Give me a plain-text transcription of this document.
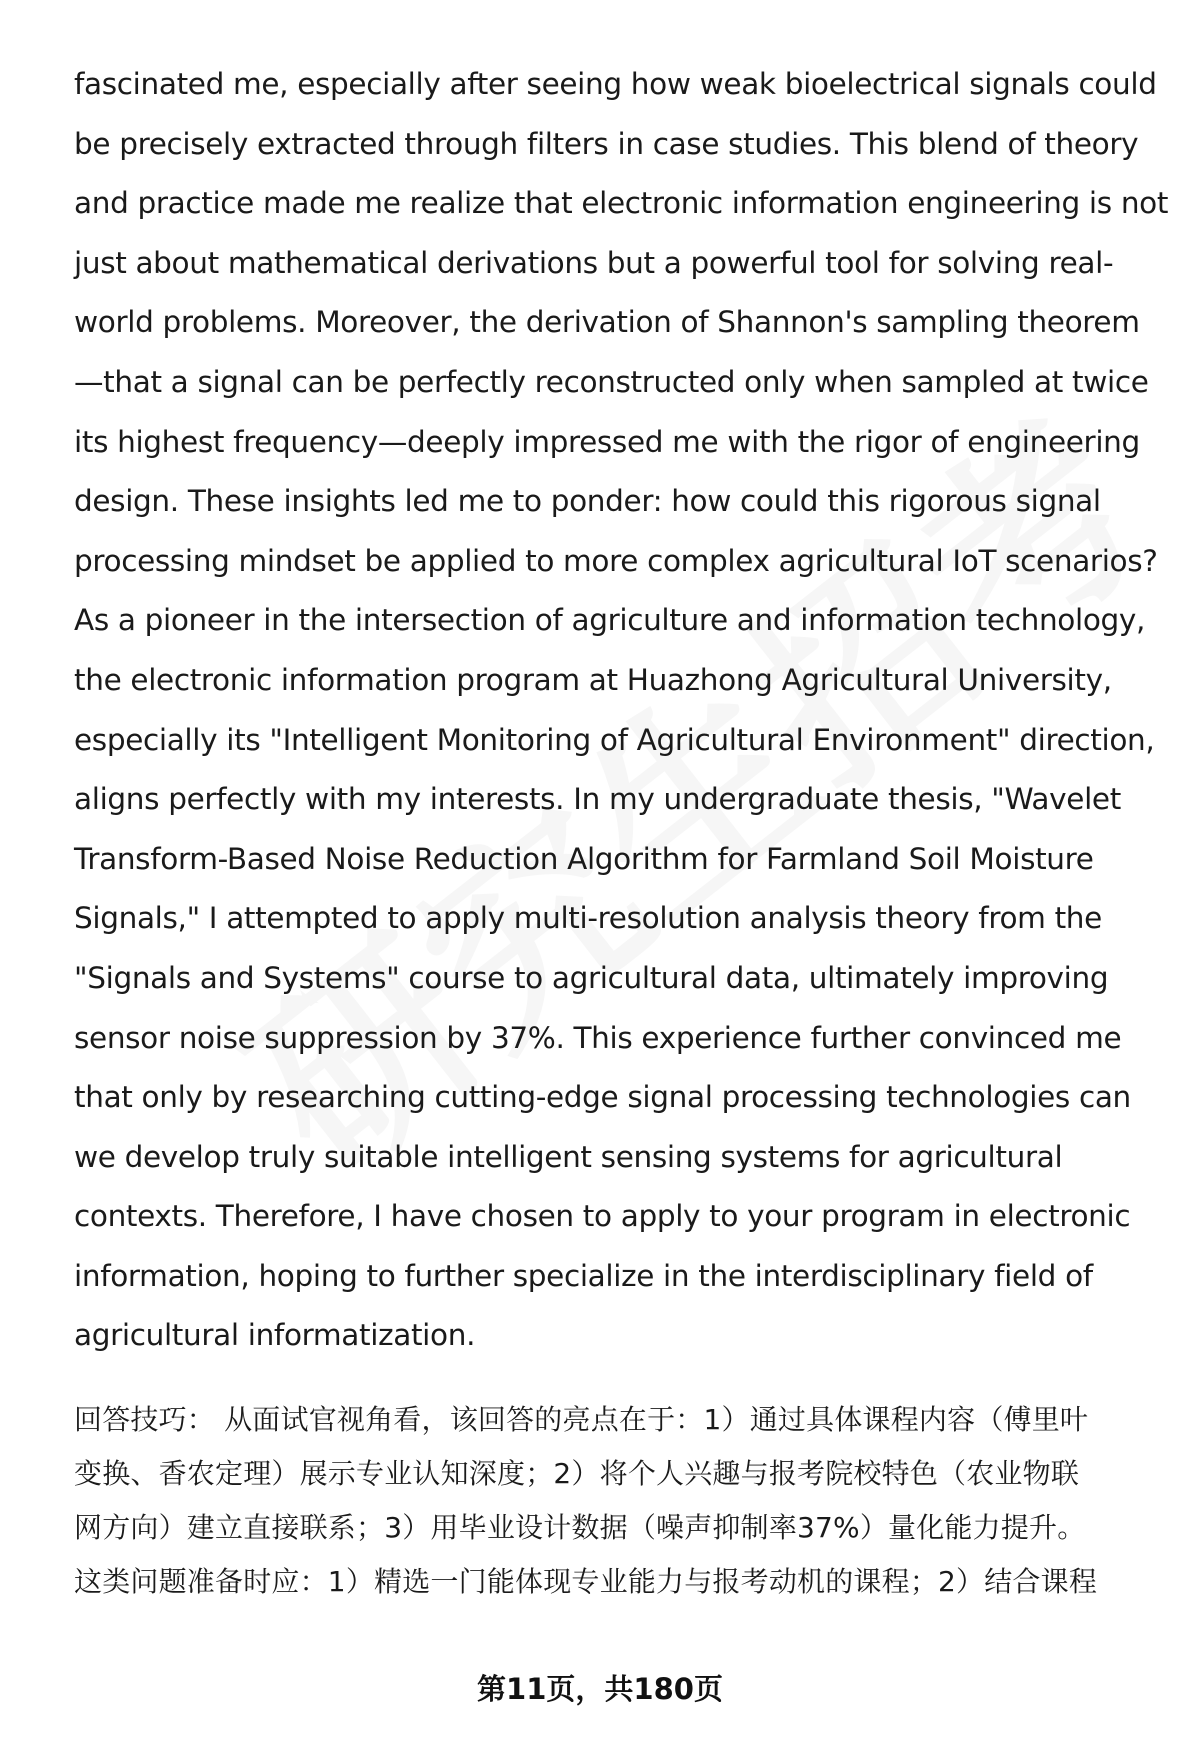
fascinated me, especially after seeing how weak bioelectrical signals could
be precisely extracted through filters in case studies. This blend of theory
and practice made me realize that electronic information engineering is not
just about mathematical derivations but a powerful tool for solving real-
world problems. Moreover, the derivation of Shannon's sampling theorem
—that a signal can be perfectly reconstructed only when sampled at twice
its highest frequency—deeply impressed me with the rigor of engineering
design. These insights led me to ponder: how could this rigorous signal
processing mindset be applied to more complex agricultural IoT scenarios?
As a pioneer in the intersection of agriculture and information technology,
the electronic information program at Huazhong Agricultural University,
especially its "Intelligent Monitoring of Agricultural Environment" direction,
aligns perfectly with my interests. In my undergraduate thesis, "Wavelet
Transform-Based Noise Reduction Algorithm for Farmland Soil Moisture
Signals," I attempted to apply multi-resolution analysis theory from the
"Signals and Systems" course to agricultural data, ultimately improving
sensor noise suppression by 37%. This experience further convinced me
that only by researching cutting-edge signal processing technologies can
we develop truly suitable intelligent sensing systems for agricultural
contexts. Therefore, I have chosen to apply to your program in electronic
information, hoping to further specialize in the interdisciplinary field of
agricultural informatization.
回答技巧： 从面试官视角看，该回答的亮点在于：1）通过具体课程内容（傅里叶
变换、香农定理）展示专业认知深度；2）将个人兴趣与报考院校特色（农业物联
网方向）建立直接联系；3）用毕业设计数据（噪声抑制率37%）量化能力提升。
这类问题准备时应：1）精选一门能体现专业能力与报考动机的课程；2）结合课程
第11页，共180页
